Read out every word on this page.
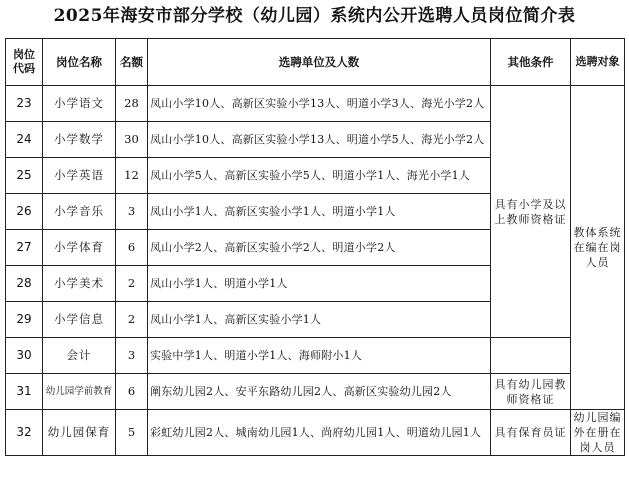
2025年海安市部分学校（幼儿园）系统内公开选聘人员岗位简介表
岗位代码	岗位名称	名额	选聘单位及人数	其他条件	选聘对象
23	小学语文	28	凤山小学10人、高新区实验小学13人、明道小学3人、海光小学2人	具有小学及以上教师资格证	教体系统在编在岗人员
24	小学数学	30	凤山小学10人、高新区实验小学13人、明道小学5人、海光小学2人		
25	小学英语	12	凤山小学5人、高新区实验小学5人、明道小学1人、海光小学1人		
26	小学音乐	3	凤山小学1人、高新区实验小学1人、明道小学1人		
27	小学体育	6	凤山小学2人、高新区实验小学2人、明道小学2人		
28	小学美术	2	凤山小学1人、明道小学1人		
29	小学信息	2	凤山小学1人、高新区实验小学1人		
30	会计	3	实验中学1人、明道小学1人、海师附小1人		
31	幼儿园学前教育	6	阐东幼儿园2人、安平东路幼儿园2人、高新区实验幼儿园2人	具有幼儿园教师资格证	
32	幼儿园保育	5	彩虹幼儿园2人、城南幼儿园1人、尚府幼儿园1人、明道幼儿园1人	具有保育员证	幼儿园编外在册在岗人员
